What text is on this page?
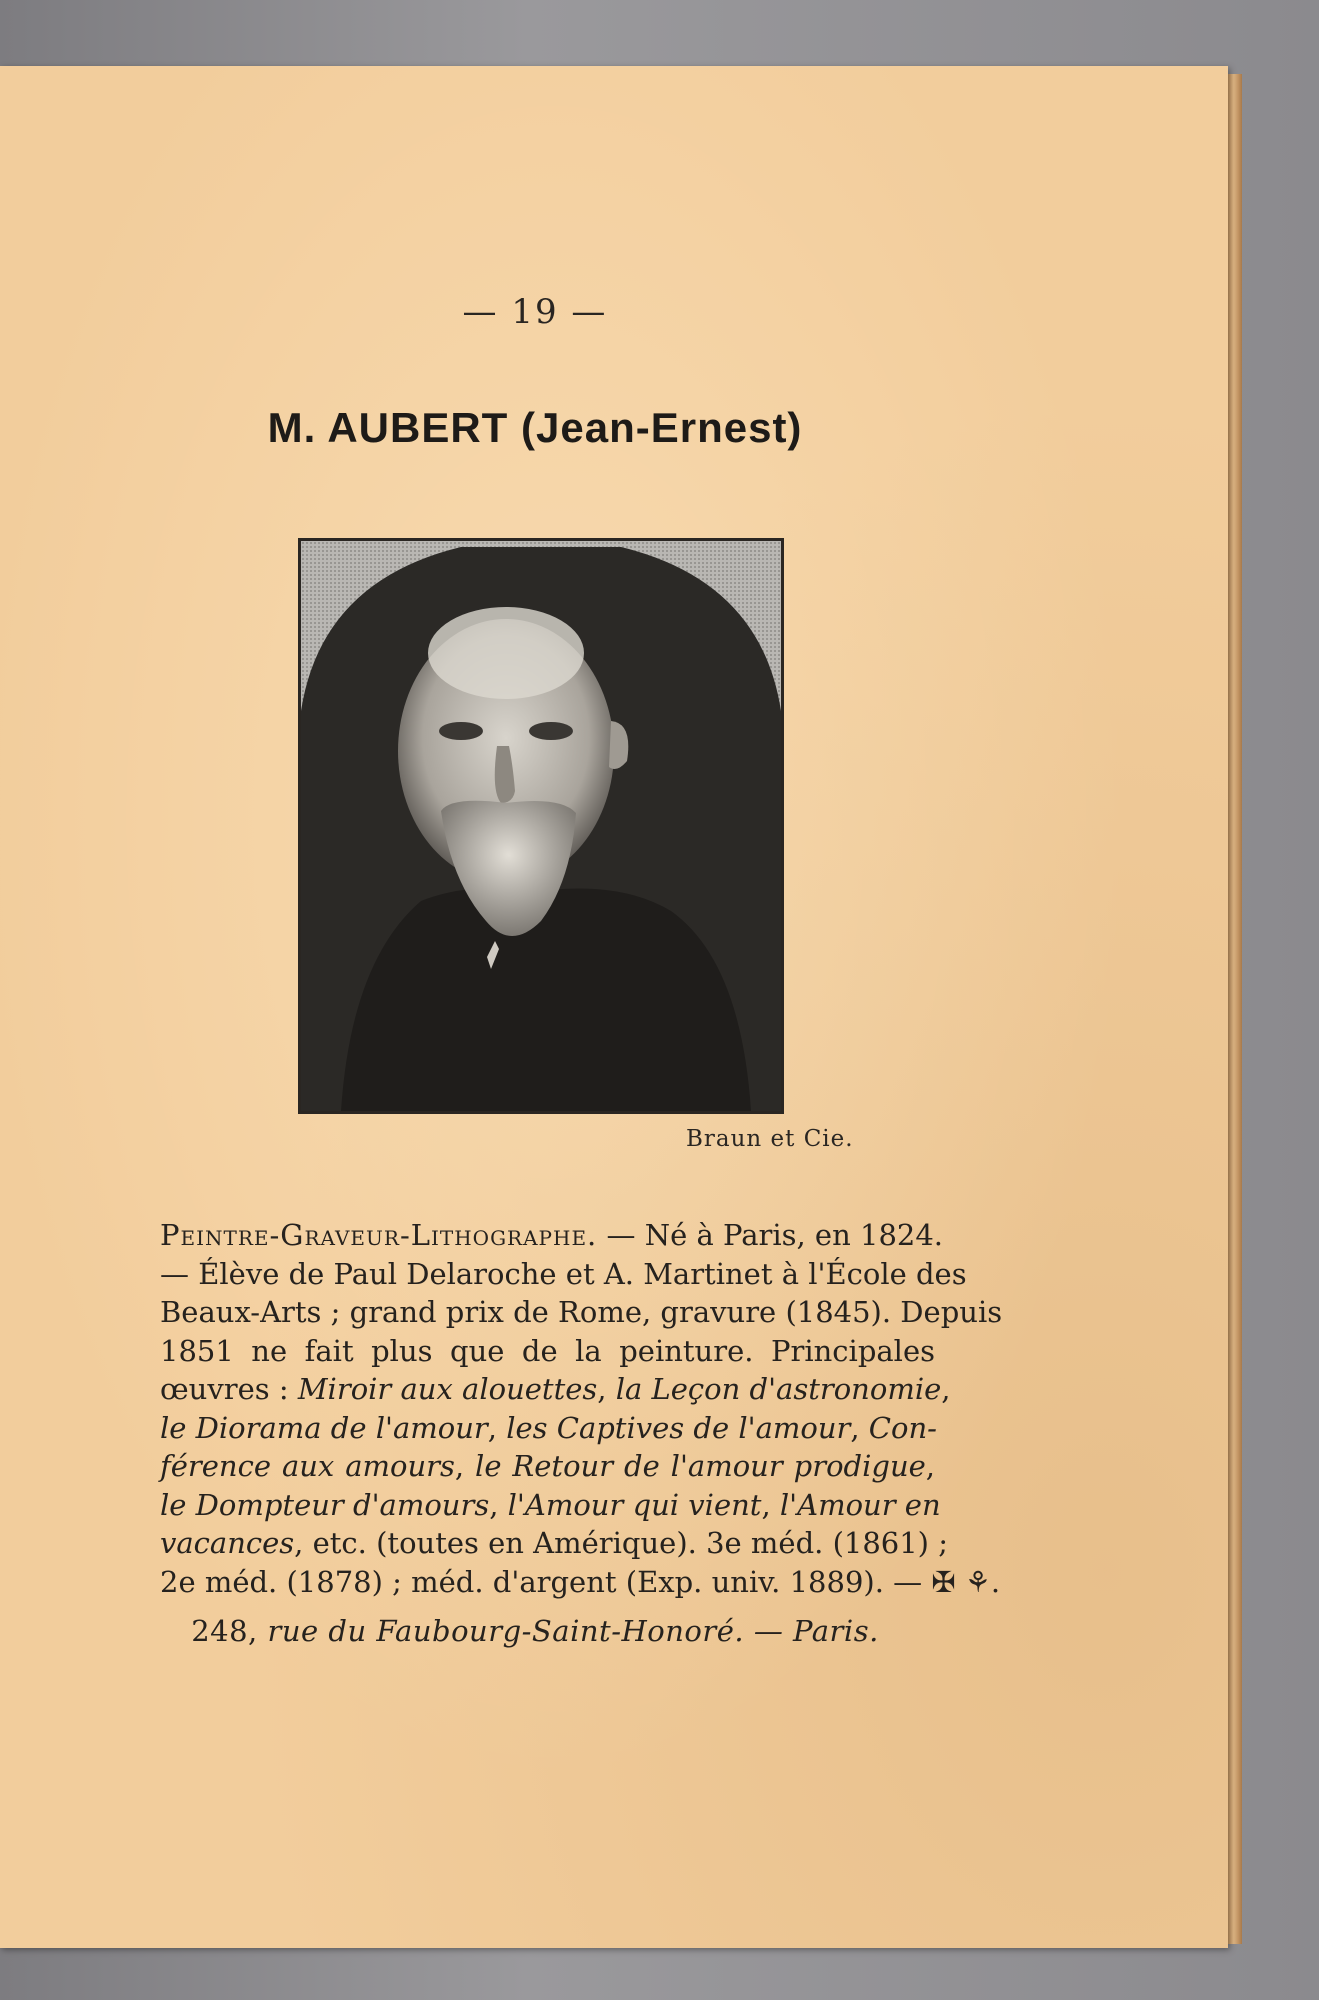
— 19 —
M. AUBERT (Jean-Ernest)
Braun et Cie.
Peintre-Graveur-Lithographe. — Né à Paris, en 1824.
— Élève de Paul Delaroche et A. Martinet à l'École des
Beaux-Arts ; grand prix de Rome, gravure (1845). Depuis
1851 ne fait plus que de la peinture. Principales
œuvres : Miroir aux alouettes, la Leçon d'astronomie,
le Diorama de l'amour, les Captives de l'amour, Con-
férence aux amours, le Retour de l'amour prodigue,
le Dompteur d'amours, l'Amour qui vient, l'Amour en
vacances, etc. (toutes en Amérique). 3e méd. (1861) ;
2e méd. (1878) ; méd. d'argent (Exp. univ. 1889). — ✠ ⚘.
248, rue du Faubourg-Saint-Honoré. — Paris.
